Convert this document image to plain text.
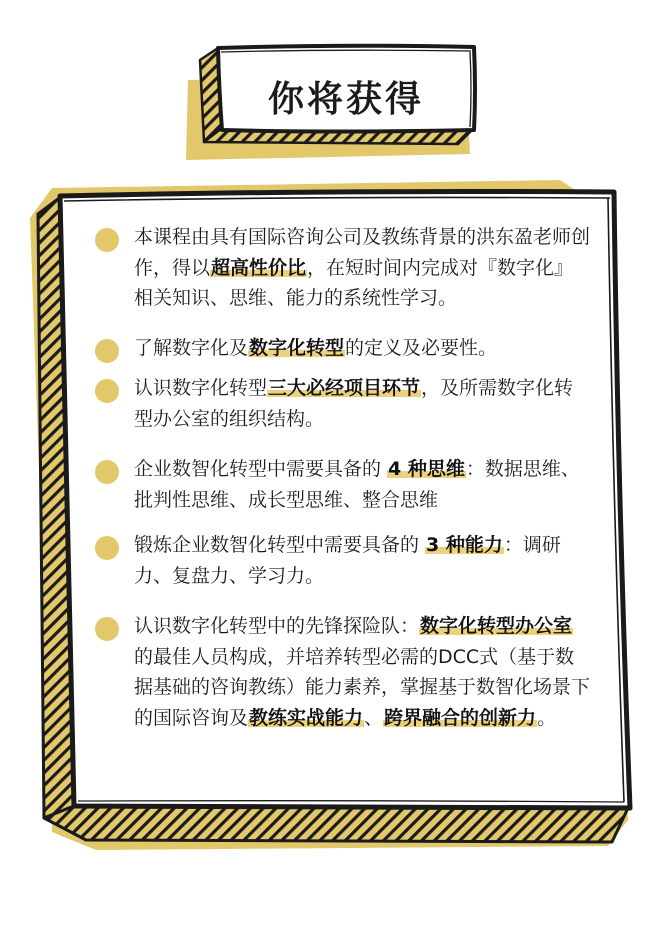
你将获得
本课程由具有国际咨询公司及教练背景的洪东盈老师创作，得以超高性价比，在短时间内完成对『数字化』相关知识、思维、能力的系统性学习。
了解数字化及数字化转型的定义及必要性。
认识数字化转型三大必经项目环节，及所需数字化转型办公室的组织结构。
企业数智化转型中需要具备的 4 种思维：数据思维、批判性思维、成长型思维、整合思维
锻炼企业数智化转型中需要具备的 3 种能力：调研力、复盘力、学习力。
认识数字化转型中的先锋探险队：数字化转型办公室的最佳人员构成，并培养转型必需的DCC式（基于数据基础的咨询教练）能力素养，掌握基于数智化场景下的国际咨询及教练实战能力、跨界融合的创新力。
